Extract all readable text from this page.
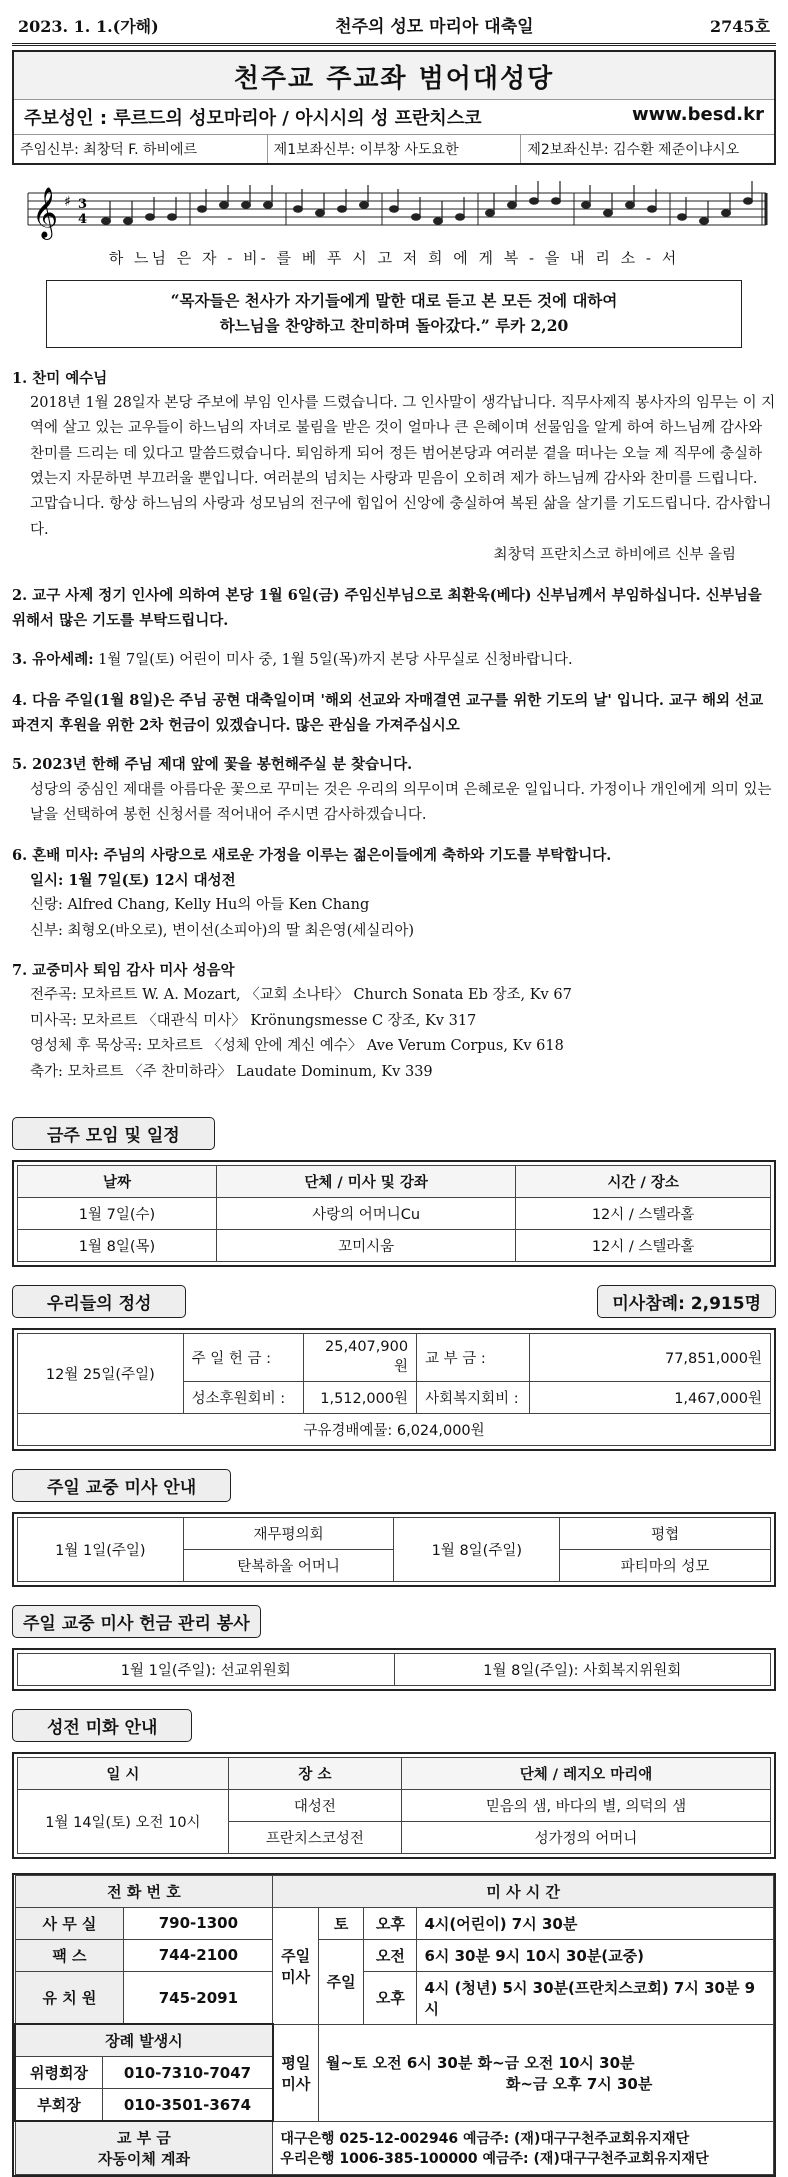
2023. 1. 1.(가해)	천주의 성모 마리아 대축일	2745호
천주교 주교좌 범어대성당
주보성인 : 루르드의 성모마리아 / 아시시의 성 프란치스코	www.besd.kr
주임신부: 최창덕 F. 하비에르	제1보좌신부: 이부창 사도요한	제2보좌신부: 김수환 제준이냐시오
𝄞 ♯ 3
4
하 느님 은 자 - 비- 를 베 푸 시 고 저 희 에 게 복 - 을 내 리 소 - 서
“목자들은 천사가 자기들에게 말한 대로 듣고 본 모든 것에 대하여
하느님을 찬양하고 찬미하며 돌아갔다.” 루카 2,20
1. 찬미 예수님
2018년 1월 28일자 본당 주보에 부임 인사를 드렸습니다. 그 인사말이 생각납니다. 직무사제직 봉사자의 임무는 이 지역에 살고 있는 교우들이 하느님의 자녀로 불림을 받은 것이 얼마나 큰 은혜이며 선물임을 알게 하여 하느님께 감사와 찬미를 드리는 데 있다고 말씀드렸습니다. 퇴임하게 되어 정든 범어본당과 여러분 곁을 떠나는 오늘 제 직무에 충실하였는지 자문하면 부끄러울 뿐입니다. 여러분의 넘치는 사랑과 믿음이 오히려 제가 하느님께 감사와 찬미를 드립니다. 고맙습니다. 항상 하느님의 사랑과 성모님의 전구에 힘입어 신앙에 충실하여 복된 삶을 살기를 기도드립니다. 감사합니다.
최창덕 프란치스코 하비에르 신부 올림
2. 교구 사제 정기 인사에 의하여 본당 1월 6일(금) 주임신부님으로 최환욱(베다) 신부님께서 부임하십니다. 신부님을 위해서 많은 기도를 부탁드립니다.
3. 유아세례: 1월 7일(토) 어린이 미사 중, 1월 5일(목)까지 본당 사무실로 신청바랍니다.
4. 다음 주일(1월 8일)은 주님 공현 대축일이며 '해외 선교와 자매결연 교구를 위한 기도의 날' 입니다. 교구 해외 선교 파견지 후원을 위한 2차 헌금이 있겠습니다. 많은 관심을 가져주십시오
5. 2023년 한해 주님 제대 앞에 꽃을 봉헌해주실 분 찾습니다.
성당의 중심인 제대를 아름다운 꽃으로 꾸미는 것은 우리의 의무이며 은혜로운 일입니다. 가정이나 개인에게 의미 있는 날을 선택하여 봉헌 신청서를 적어내어 주시면 감사하겠습니다.
6. 혼배 미사: 주님의 사랑으로 새로운 가정을 이루는 젊은이들에게 축하와 기도를 부탁합니다.
일시: 1월 7일(토) 12시 대성전
신랑: Alfred Chang, Kelly Hu의 아들 Ken Chang
신부: 최형오(바오로), 변이선(소피아)의 딸 최은영(세실리아)
7. 교중미사 퇴임 감사 미사 성음악
전주곡: 모차르트 W. A. Mozart, 〈교회 소나타〉 Church Sonata Eb 장조, Kv 67
미사곡: 모차르트 〈대관식 미사〉 Krönungsmesse C 장조, Kv 317
영성체 후 묵상곡: 모차르트 〈성체 안에 계신 예수〉 Ave Verum Corpus, Kv 618
축가: 모차르트 〈주 찬미하라〉 Laudate Dominum, Kv 339
금주 모임 및 일정
날짜	단체 / 미사 및 강좌	시간 / 장소
1월 7일(수)	사랑의 어머니Cu	12시 / 스텔라홀
1월 8일(목)	꼬미시움	12시 / 스텔라홀
우리들의 정성	미사참례: 2,915명
12월 25일(주일)	주 일 헌 금 :	25,407,900원	교 부 금 :	77,851,000원
	성소후원회비 :	1,512,000원	사회복지회비 :	1,467,000원
구유경배예물: 6,024,000원				
주일 교중 미사 안내
1월 1일(주일)	재무평의회	1월 8일(주일)	평협
	탄복하올 어머니		파티마의 성모
주일 교중 미사 헌금 관리 봉사
1월 1일(주일): 선교위원회	1월 8일(주일): 사회복지위원회
성전 미화 안내
일 시	장 소	단체 / 레지오 마리애
1월 14일(토) 오전 10시	대성전	믿음의 샘, 바다의 별, 의덕의 샘
	프란치스코성전	성가정의 어머니
전 화 번 호	미 사 시 간
사 무 실	790-1300	주일 미사	토	오후	4시(어린이) 7시 30분
팩 스	744-2100	주일	오전	6시 30분 9시 10시 30분(교중)
유 치 원	745-2091	오후	4시 (청년) 5시 30분(프란치스코회) 7시 30분 9시

장례 발생시
위령회장	010-7310-7047
부회장	010-3501-3674
	평일 미사	
월~토 오전 6시 30분 화~금 오전 10시 30분
화~금 오후 7시 30분

교 부 금
자동이체 계좌

대구은행 025-12-002946 예금주: (재)대구구천주교회유지재단
우리은행 1006-385-100000 예금주: (재)대구구천주교회유지재단
